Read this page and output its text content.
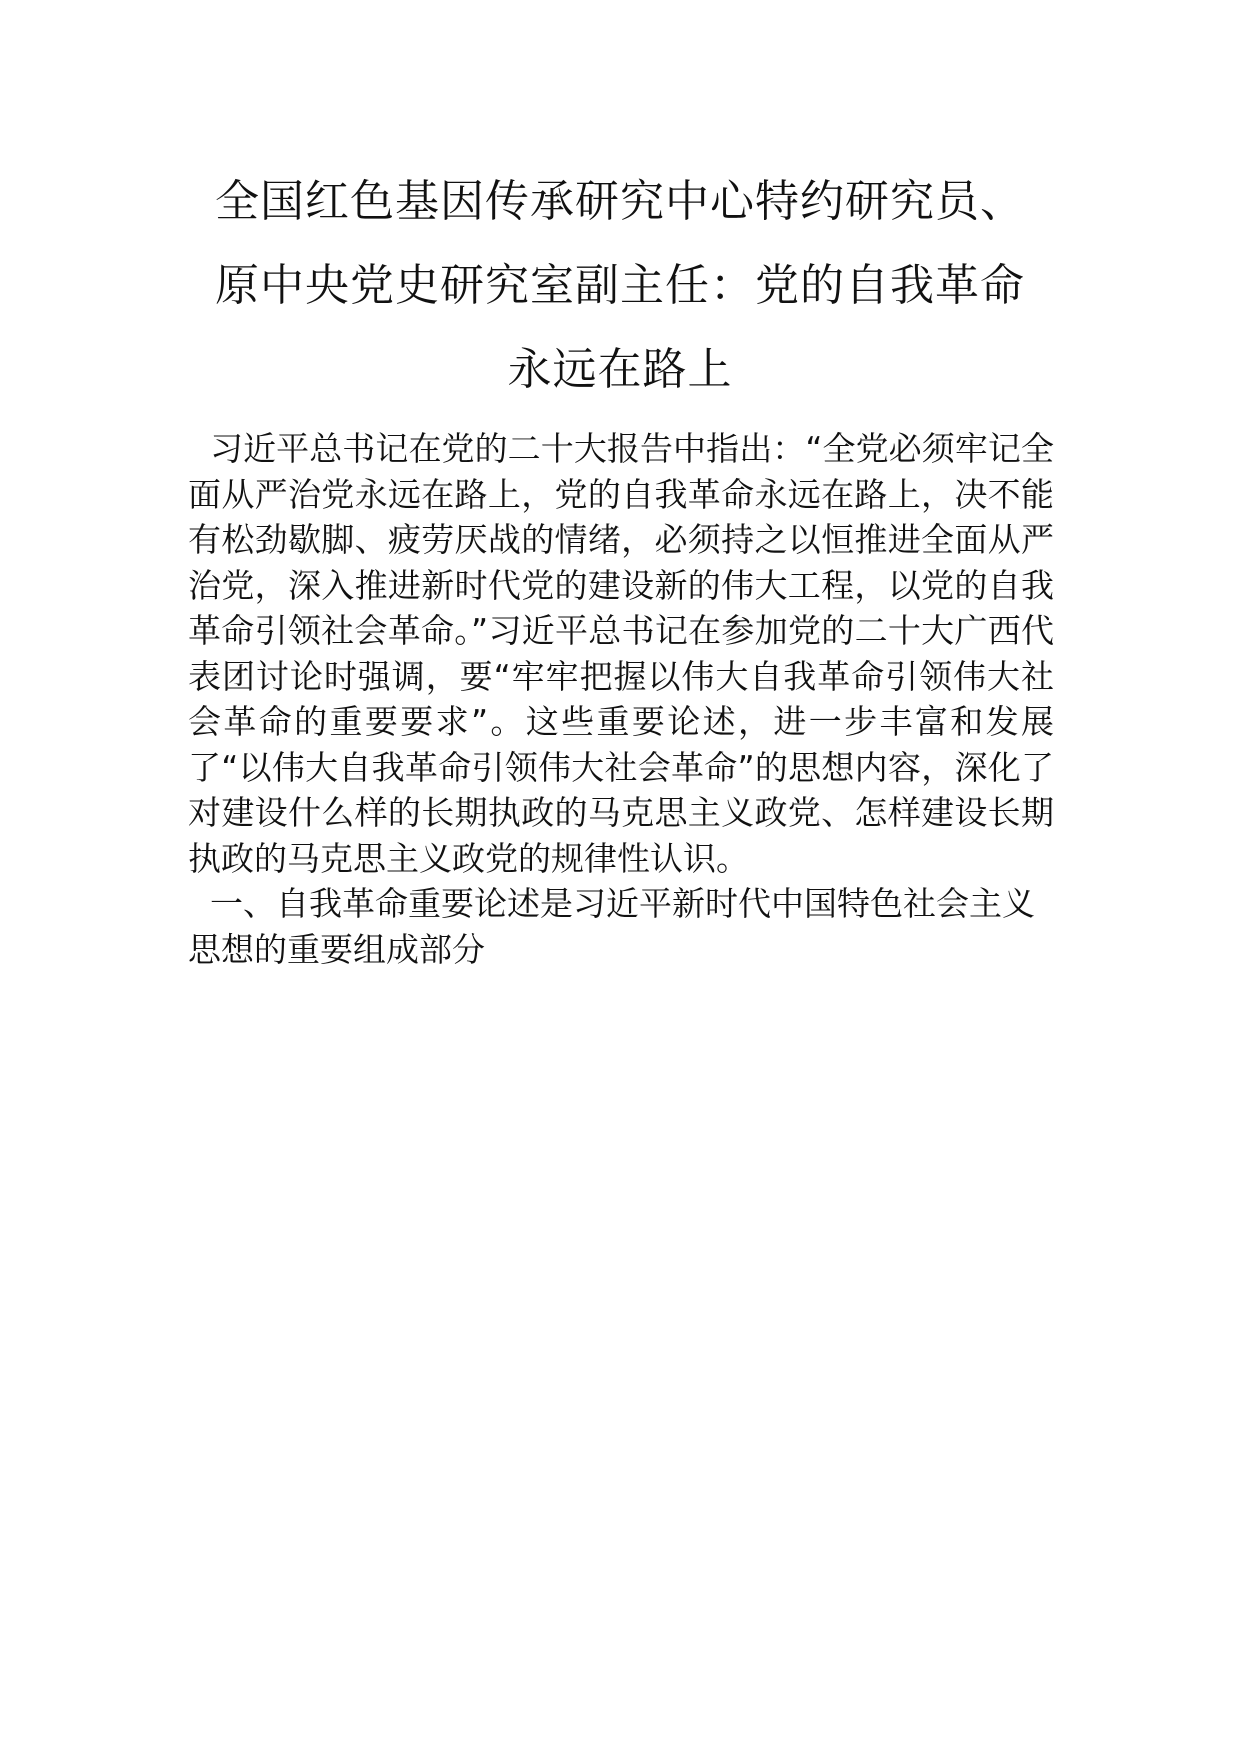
全国红色基因传承研究中心特约研究员、
原中央党史研究室副主任：党的自我革命
永远在路上

习近平总书记在党的二十大报告中指出：“全党必须牢记全面从严治党永远在路上，党的自我革命永远在路上，决不能有松劲歇脚、疲劳厌战的情绪，必须持之以恒推进全面从严治党，深入推进新时代党的建设新的伟大工程，以党的自我革命引领社会革命。”习近平总书记在参加党的二十大广西代表团讨论时强调，要“牢牢把握以伟大自我革命引领伟大社会革命的重要要求”。这些重要论述，进一步丰富和发展了“以伟大自我革命引领伟大社会革命”的思想内容，深化了对建设什么样的长期执政的马克思主义政党、怎样建设长期执政的马克思主义政党的规律性认识。

一、自我革命重要论述是习近平新时代中国特色社会主义思想的重要组成部分
